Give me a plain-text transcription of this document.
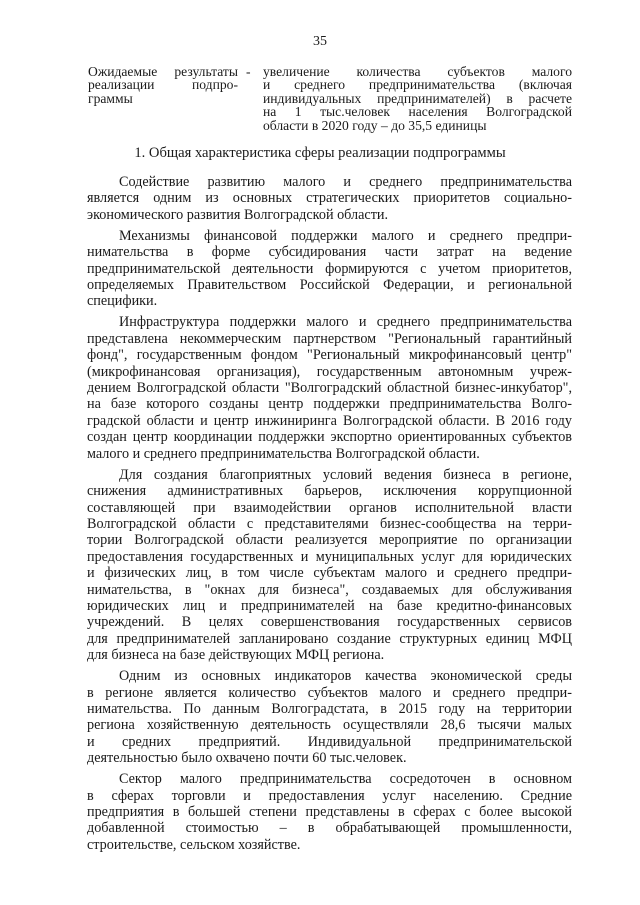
35
Ожидаемые результаты
реализации подпро-
граммы
- увеличение количества субъектов малого
и среднего предпринимательства (включая
индивидуальных предпринимателей) в расчете
на 1 тыс.человек населения Волгоградской
области в 2020 году – до 35,5 единицы
1. Общая характеристика сферы реализации подпрограммы
Содействие развитию малого и среднего предпринимательства
является одним из основных стратегических приоритетов социально-
экономического развития Волгоградской области.
Механизмы финансовой поддержки малого и среднего предпри-
нимательства в форме субсидирования части затрат на ведение
предпринимательской деятельности формируются с учетом приоритетов,
определяемых Правительством Российской Федерации, и региональной
специфики.
Инфраструктура поддержки малого и среднего предпринимательства
представлена некоммерческим партнерством "Региональный гарантийный
фонд", государственным фондом "Региональный микрофинансовый центр"
(микрофинансовая организация), государственным автономным учреж-
дением Волгоградской области "Волгоградский областной бизнес-инкубатор",
на базе которого созданы центр поддержки предпринимательства Волго-
градской области и центр инжиниринга Волгоградской области. В 2016 году
создан центр координации поддержки экспортно ориентированных субъектов
малого и среднего предпринимательства Волгоградской области.
Для создания благоприятных условий ведения бизнеса в регионе,
снижения административных барьеров, исключения коррупционной
составляющей при взаимодействии органов исполнительной власти
Волгоградской области с представителями бизнес-сообщества на терри-
тории Волгоградской области реализуется мероприятие по организации
предоставления государственных и муниципальных услуг для юридических
и физических лиц, в том числе субъектам малого и среднего предпри-
нимательства, в "окнах для бизнеса", создаваемых для обслуживания
юридических лиц и предпринимателей на базе кредитно-финансовых
учреждений. В целях совершенствования государственных сервисов
для предпринимателей запланировано создание структурных единиц МФЦ
для бизнеса на базе действующих МФЦ региона.
Одним из основных индикаторов качества экономической среды
в регионе является количество субъектов малого и среднего предпри-
нимательства. По данным Волгоградстата, в 2015 году на территории
региона хозяйственную деятельность осуществляли 28,6 тысячи малых
и средних предприятий. Индивидуальной предпринимательской
деятельностью было охвачено почти 60 тыс.человек.
Сектор малого предпринимательства сосредоточен в основном
в сферах торговли и предоставления услуг населению. Средние
предприятия в большей степени представлены в сферах с более высокой
добавленной стоимостью – в обрабатывающей промышленности,
строительстве, сельском хозяйстве.
